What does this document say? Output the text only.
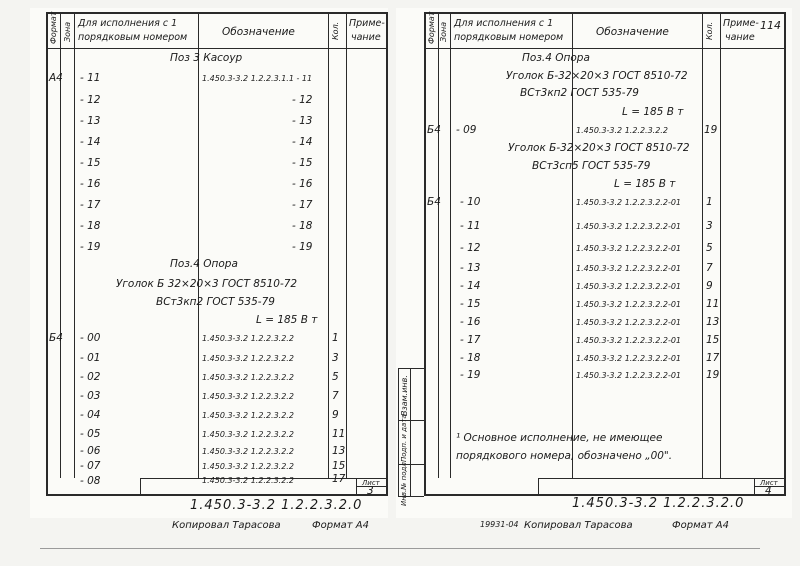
Формат Зона Для исполнения с 1
порядковым номером	Обозначение	Кол. Приме-
чание
Поз 3 Касоур
А4 - 11	1.450.3-3.2 1.2.2.3.1.1 - 11
- 12	- 12
- 13	- 13
- 14	- 14
- 15	- 15
- 16	- 16
- 17	- 17
- 18	- 18
- 19	- 19
Поз.4 Опора
Уголок Б 32×20×3 ГОСТ 8510-72
ВСт3кп2 ГОСТ 535-79
L = 185 В т
Б4 - 00	1.450.3-3.2 1.2.2.3.2.2	1
- 01	1.450.3-3.2 1.2.2.3.2.2	3
- 02	1.450.3-3.2 1.2.2.3.2.2	5
- 03	1.450.3-3.2 1.2.2.3.2.2	7
- 04	1.450.3-3.2 1.2.2.3.2.2	9
- 05	1.450.3-3.2 1.2.2.3.2.2	11
- 06	1.450.3-3.2 1.2.2.3.2.2	13
- 07	1.450.3-3.2 1.2.2.3.2.2	15
- 08	1.450.3-3.2 1.2.2.3.2.2	17
1.450.3-3.2 1.2.2.3.2.0
Лист
3
Копировал Тарасова	Формат А4
Формат Зона Для исполнения с 1
порядковым номером	Обозначение	Кол. Приме-
чание
114
Поз.4 Опора
Уголок Б-32×20×3 ГОСТ 8510-72
ВСт3кп2 ГОСТ 535-79
L = 185 В т
Б4 - 09	1.450.3-3.2 1.2.2.3.2.2	19
Уголок Б-32×20×3 ГОСТ 8510-72
ВСт3сп5 ГОСТ 535-79
L = 185 В т
Б4 - 10	1.450.3-3.2 1.2.2.3.2.2-01 1
- 11	1.450.3-3.2 1.2.2.3.2.2-01 3
- 12	1.450.3-3.2 1.2.2.3.2.2-01 5
- 13	1.450.3-3.2 1.2.2.3.2.2-01 7
- 14	1.450.3-3.2 1.2.2.3.2.2-01 9
- 15	1.450.3-3.2 1.2.2.3.2.2-01 11
- 16	1.450.3-3.2 1.2.2.3.2.2-01 13
- 17	1.450.3-3.2 1.2.2.3.2.2-01 15
- 18	1.450.3-3.2 1.2.2.3.2.2-01 17
- 19	1.450.3-3.2 1.2.2.3.2.2-01 19
¹ Основное исполнение, не имеющее
порядкового номера, обозначено „00".
Взам.инв.
Подп. и дата
Инв.№ подл.	1.450.3-3.2 1.2.2.3.2.0
Лист
4
19931-04 Копировал Тарасова	Формат А4
